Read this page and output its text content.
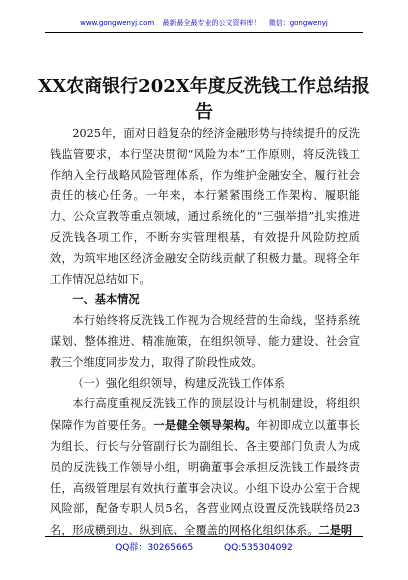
www.gongwenyj.com 最新最全最专业的公文资料库！ 微信：gongwenyj
XX农商银行202X年度反洗钱工作总结报告

2025年，面对日趋复杂的经济金融形势与持续提升的反洗钱监管要求，本行坚决贯彻“风险为本”工作原则，将反洗钱工作纳入全行战略风险管理体系，作为维护金融安全、履行社会责任的核心任务。一年来，本行紧紧围绕工作架构、履职能力、公众宣教等重点领域，通过系统化的“三强举措”扎实推进反洗钱各项工作，不断夯实管理根基，有效提升风险防控质效，为筑牢地区经济金融安全防线贡献了积极力量。现将全年工作情况总结如下。

一、基本情况

本行始终将反洗钱工作视为合规经营的生命线，坚持系统谋划、整体推进、精准施策，在组织领导、能力建设、社会宣教三个维度同步发力，取得了阶段性成效。

（一）强化组织领导，构建反洗钱工作体系

本行高度重视反洗钱工作的顶层设计与机制建设，将组织保障作为首要任务。一是健全领导架构。年初即成立以董事长为组长、行长与分管副行长为副组长、各主要部门负责人为成员的反洗钱工作领导小组，明确董事会承担反洗钱工作最终责任，高级管理层有效执行董事会决议。小组下设办公室于合规风险部，配备专职人员5名，各营业网点设置反洗钱联络员23名，形成横到边、纵到底、全覆盖的网格化组织体系。二是明

QQ群：30265665	QQ:535304092
